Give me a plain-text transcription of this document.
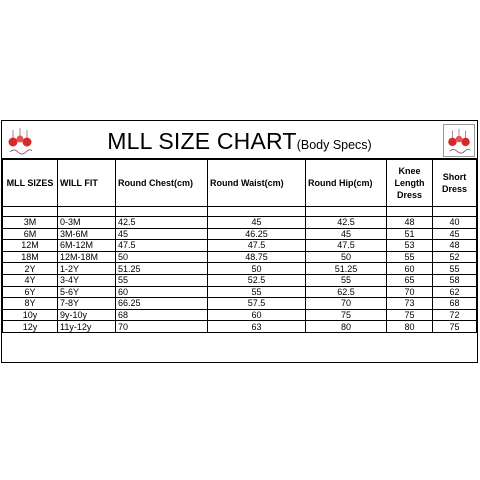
MLL SIZE CHART(Body Specs)
MLL SIZES	WILL FIT	Round Chest(cm)	Round Waist(cm)	Round Hip(cm)	Knee Length Dress	Short Dress

3M	0-3M	42.5	45	42.5	48	40
6M	3M-6M	45	46.25	45	51	45
12M	6M-12M	47.5	47.5	47.5	53	48
18M	12M-18M	50	48.75	50	55	52
2Y	1-2Y	51.25	50	51.25	60	55
4Y	3-4Y	55	52.5	55	65	58
6Y	5-6Y	60	55	62.5	70	62
8Y	7-8Y	66.25	57.5	70	73	68
10y	9y-10y	68	60	75	75	72
12y	11y-12y	70	63	80	80	75
